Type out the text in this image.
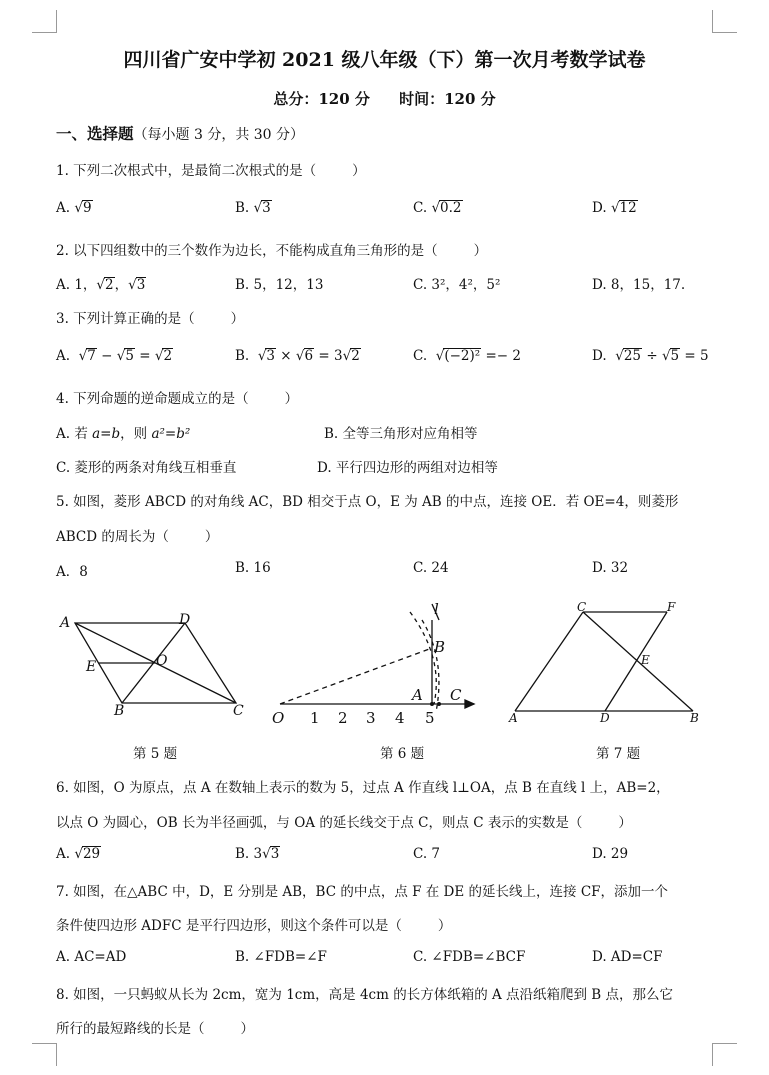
四川省广安中学初 2021 级八年级（下）第一次月考数学试卷
总分：120 分 时间：120 分
一、选择题（每小题 3 分，共 30 分）
1. 下列二次根式中，是最简二次根式的是（	）
A. √9	B. √3	C. √0.2	D. √12
2. 以下四组数中的三个数作为边长，不能构成直角三角形的是（	）
A. 1，√2，√3	B. 5，12，13	C. 3²，4²，5²	D. 8，15，17.
3. 下列计算正确的是（	）
A. √7 − √5 = √2	B. √3 × √6 = 3√2	C. √(−2)² =− 2	D. √25 ÷ √5 = 5
4. 下列命题的逆命题成立的是（	）
A. 若 a=b，则 a²=b²	B. 全等三角形对应角相等
C. 菱形的两条对角线互相垂直	D. 平行四边形的两组对边相等
5. 如图，菱形 ABCD 的对角线 AC，BD 相交于点 O，E 为 AB 的中点，连接 OE．若 OE=4，则菱形
ABCD 的周长为（	）
A．8	B. 16	C. 24	D. 32
A	D
B	C
E	O
第 5 题
O 1 2 3 4 5
l
B
A C
第 6 题
C	F
E
A	D	B
第 7 题
6. 如图，O 为原点，点 A 在数轴上表示的数为 5，过点 A 作直线 l⊥OA，点 B 在直线 l 上，AB=2，
以点 O 为圆心，OB 长为半径画弧，与 OA 的延长线交于点 C，则点 C 表示的实数是（	）
A. √29	B. 3√3	C. 7	D. 29
7. 如图，在△ABC 中，D，E 分别是 AB，BC 的中点，点 F 在 DE 的延长线上，连接 CF，添加一个
条件使四边形 ADFC 是平行四边形，则这个条件可以是（	）
A. AC=AD	B. ∠FDB=∠F	C. ∠FDB=∠BCF	D. AD=CF
8. 如图，一只蚂蚁从长为 2cm，宽为 1cm，高是 4cm 的长方体纸箱的 A 点沿纸箱爬到 B 点，那么它
所行的最短路线的长是（	）
